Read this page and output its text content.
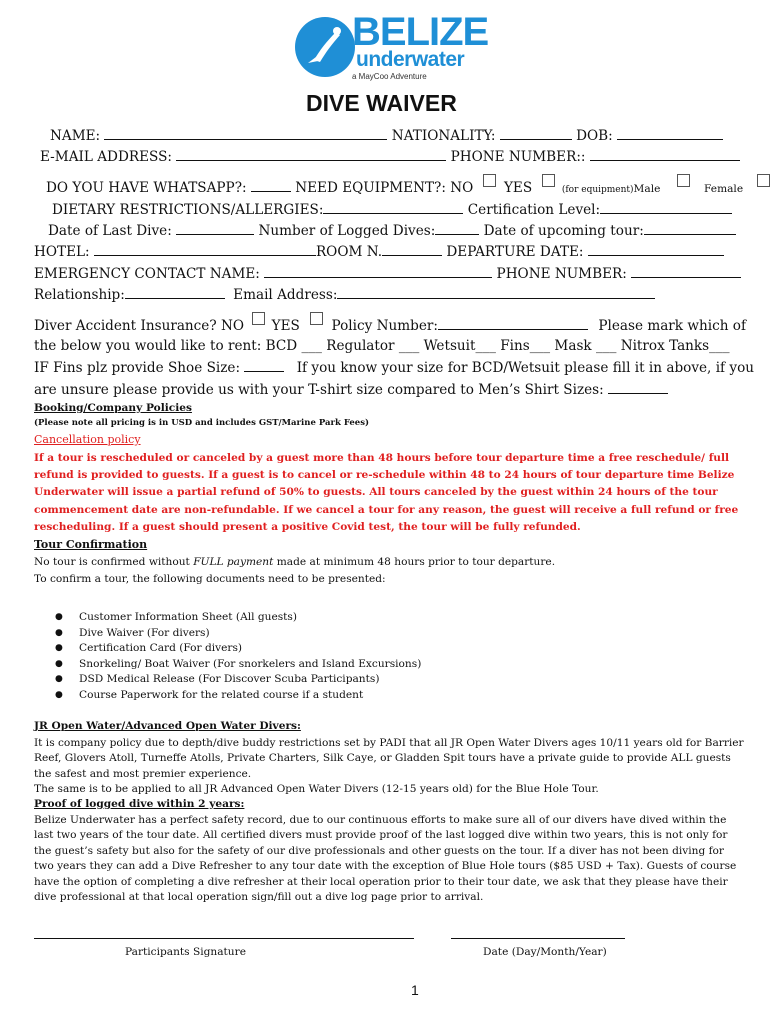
BELIZE
underwater
a MayCoo Adventure
DIVE WAIVER
NAME:	NATIONALITY:	DOB:
E-MAIL ADDRESS:	PHONE NUMBER::
DO YOU HAVE WHATSAPP?:	NEED EQUIPMENT?: NO YES	(for equipment)Male	Female
DIETARY RESTRICTIONS/ALLERGIES:	Certification Level:
Date of Last Dive:	Number of Logged Dives:	Date of upcoming tour:
HOTEL:	ROOM N.	DEPARTURE DATE:
EMERGENCY CONTACT NAME:	PHONE NUMBER:
Relationship:	Email Address:
Diver Accident Insurance? NO YES Policy Number:	Please mark which of
the below you would like to rent: BCD ___ Regulator ___ Wetsuit___ Fins___ Mask ___ Nitrox Tanks___
IF Fins plz provide Shoe Size:	If you know your size for BCD/Wetsuit please fill it in above, if you
are unsure please provide us with your T-shirt size compared to Men’s Shirt Sizes:
Booking/Company Policies
(Please note all pricing is in USD and includes GST/Marine Park Fees)
Cancellation policy
If a tour is rescheduled or canceled by a guest more than 48 hours before tour departure time a free reschedule/ full
refund is provided to guests. If a guest is to cancel or re-schedule within 48 to 24 hours of tour departure time Belize
Underwater will issue a partial refund of 50% to guests. All tours canceled by the guest within 24 hours of the tour
commencement date are non-refundable. If we cancel a tour for any reason, the guest will receive a full refund or free
rescheduling. If a guest should present a positive Covid test, the tour will be fully refunded.
Tour Confirmation
No tour is confirmed without FULL payment made at minimum 48 hours prior to tour departure.
To confirm a tour, the following documents need to be presented:
● Customer Information Sheet (All guests)
● Dive Waiver (For divers)
● Certification Card (For divers)
● Snorkeling/ Boat Waiver (For snorkelers and Island Excursions)
● DSD Medical Release (For Discover Scuba Participants)
● Course Paperwork for the related course if a student
JR Open Water/Advanced Open Water Divers:
It is company policy due to depth/dive buddy restrictions set by PADI that all JR Open Water Divers ages 10/11 years old for Barrier Reef, Glovers Atoll, Turneffe Atolls, Private Charters, Silk Caye, or Gladden Spit tours have a private guide to provide ALL guests the safest and most premier experience.
The same is to be applied to all JR Advanced Open Water Divers (12-15 years old) for the Blue Hole Tour.
Proof of logged dive within 2 years:
Belize Underwater has a perfect safety record, due to our continuous efforts to make sure all of our divers have dived within the last two years of the tour date. All certified divers must provide proof of the last logged dive within two years, this is not only for the guest’s safety but also for the safety of our dive professionals and other guests on the tour. If a diver has not been diving for two years they can add a Dive Refresher to any tour date with the exception of Blue Hole tours ($85 USD + Tax). Guests of course have the option of completing a dive refresher at their local operation prior to their tour date, we ask that they please have their dive professional at that local operation sign/fill out a dive log page prior to arrival.
Participants Signature	Date (Day/Month/Year)
1
